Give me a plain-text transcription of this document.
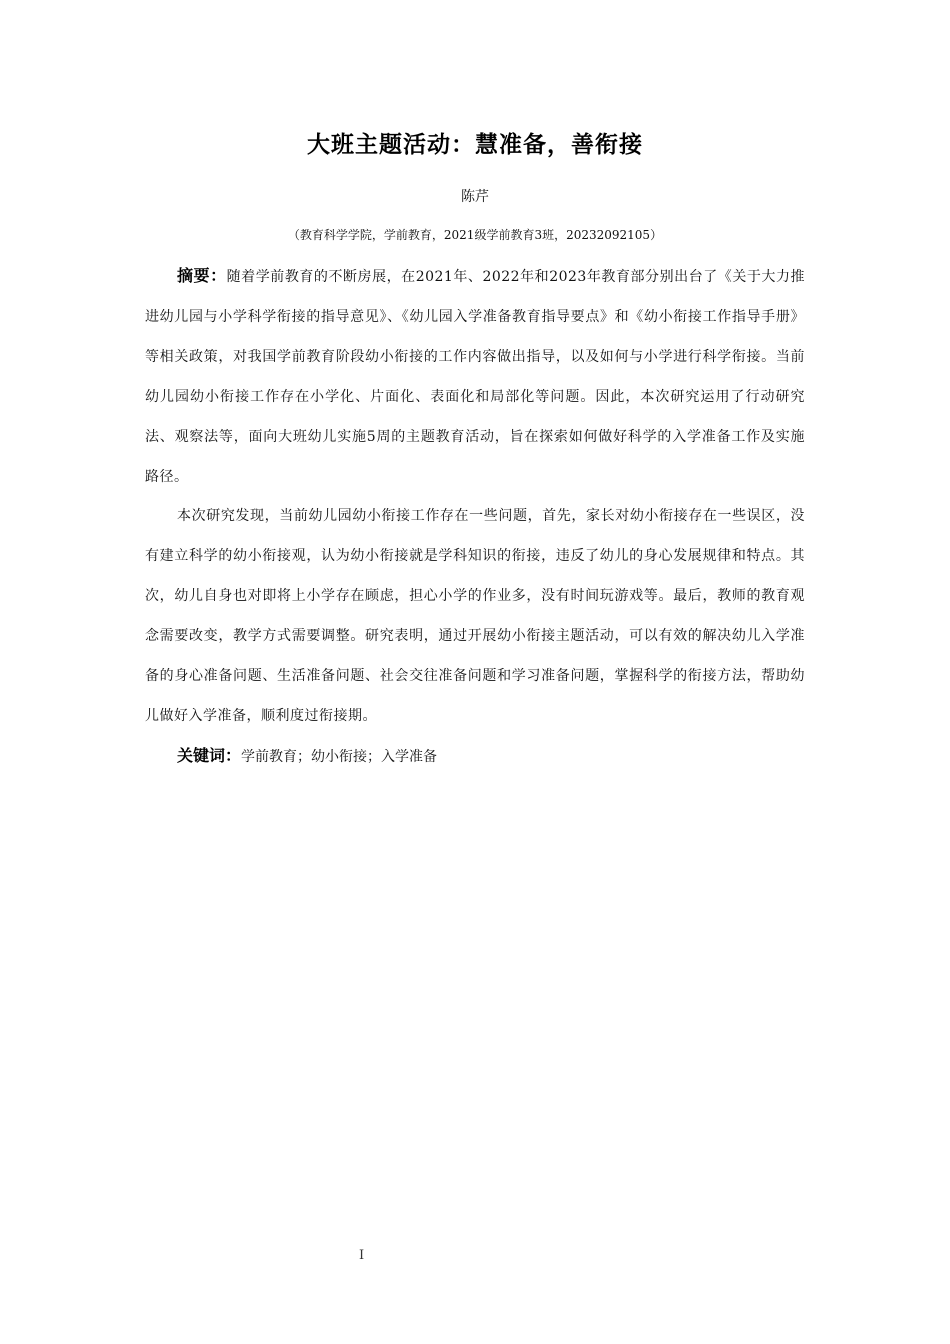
大班主题活动：慧准备，善衔接
陈芹
（教育科学学院，学前教育，2021级学前教育3班，20232092105）
摘要：随着学前教育的不断房展，在2021年、2022年和2023年教育部分别出台了《关于大力推进幼儿园与小学科学衔接的指导意见》、《幼儿园入学准备教育指导要点》和《幼小衔接工作指导手册》等相关政策，对我国学前教育阶段幼小衔接的工作内容做出指导，以及如何与小学进行科学衔接。当前幼儿园幼小衔接工作存在小学化、片面化、表面化和局部化等问题。因此，本次研究运用了行动研究法、观察法等，面向大班幼儿实施5周的主题教育活动，旨在探索如何做好科学的入学准备工作及实施路径。
本次研究发现，当前幼儿园幼小衔接工作存在一些问题，首先，家长对幼小衔接存在一些误区，没有建立科学的幼小衔接观，认为幼小衔接就是学科知识的衔接，违反了幼儿的身心发展规律和特点。其次，幼儿自身也对即将上小学存在顾虑，担心小学的作业多，没有时间玩游戏等。最后，教师的教育观念需要改变，教学方式需要调整。研究表明，通过开展幼小衔接主题活动，可以有效的解决幼儿入学准备的身心准备问题、生活准备问题、社会交往准备问题和学习准备问题，掌握科学的衔接方法，帮助幼儿做好入学准备，顺利度过衔接期。
关键词：学前教育；幼小衔接；入学准备
I
